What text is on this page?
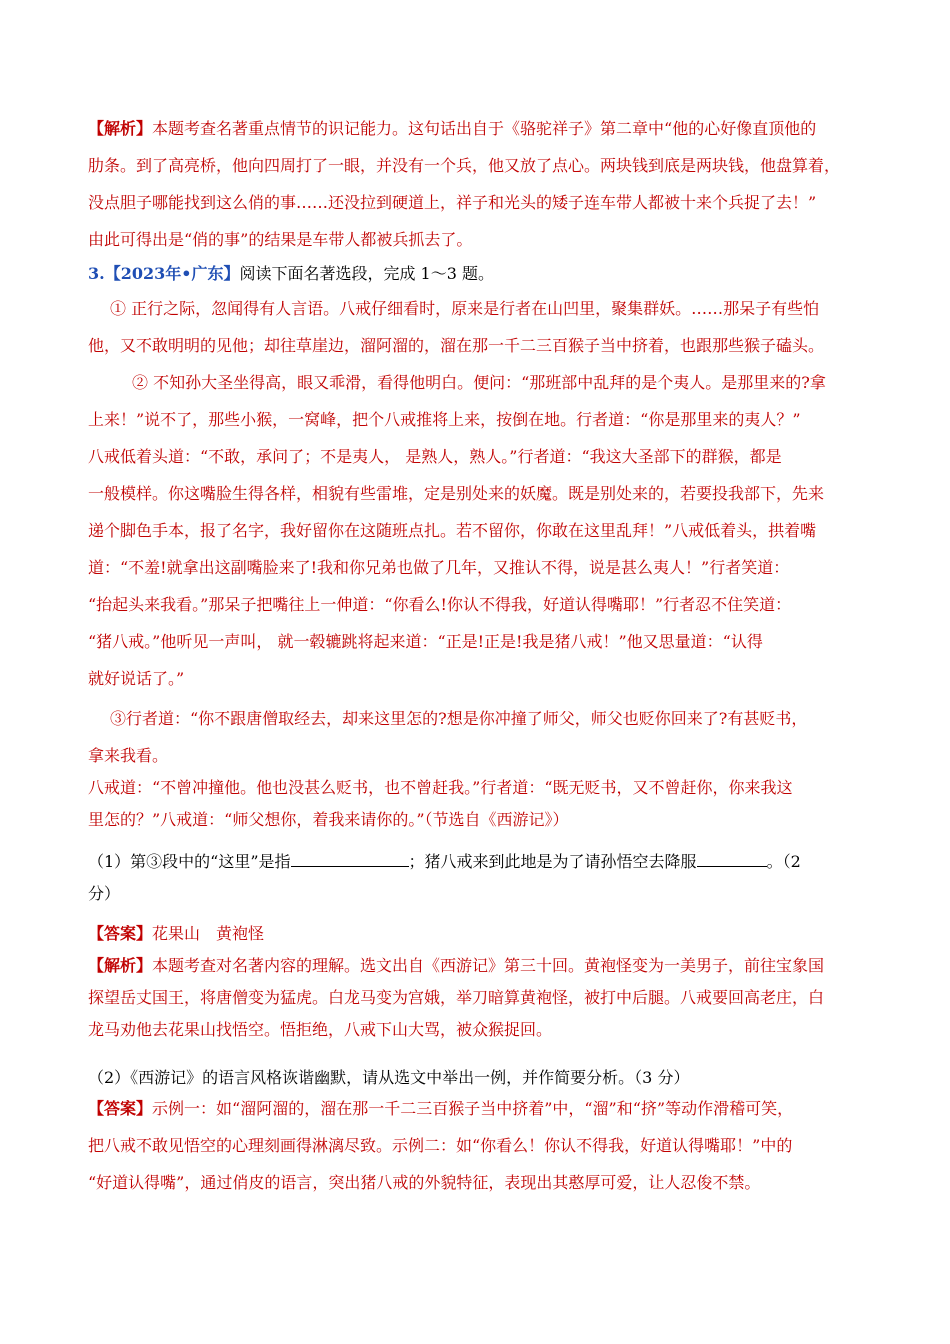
【解析】本题考查名著重点情节的识记能力。这句话出自于《骆驼祥子》第二章中“他的心好像直顶他的

肋条。到了高亮桥，他向四周打了一眼，并没有一个兵，他又放了点心。两块钱到底是两块钱，他盘算着，

没点胆子哪能找到这么俏的事……还没拉到硬道上，祥子和光头的矮子连车带人都被十来个兵捉了去！”

由此可得出是“俏的事”的结果是车带人都被兵抓去了。

3.【2023年•广东】阅读下面名著选段，完成 1～3 题。

① 正行之际，忽闻得有人言语。八戒仔细看时，原来是行者在山凹里，聚集群妖。……那呆子有些怕

他，又不敢明明的见他；却往草崖边，溜阿溜的，溜在那一千二三百猴子当中挤着，也跟那些猴子磕头。

② 不知孙大圣坐得高，眼又乖滑，看得他明白。便问：“那班部中乱拜的是个夷人。是那里来的?拿

上来！”说不了，那些小猴，一窝峰，把个八戒推将上来，按倒在地。行者道：“你是那里来的夷人？”

八戒低着头道：“不敢，承问了；不是夷人， 是熟人，熟人。”行者道：“我这大圣部下的群猴，都是

一般模样。你这嘴脸生得各样，相貌有些雷堆，定是别处来的妖魔。既是别处来的，若要投我部下，先来

递个脚色手本，报了名字，我好留你在这随班点扎。若不留你，你敢在这里乱拜！”八戒低着头，拱着嘴

道：“不羞!就拿出这副嘴脸来了!我和你兄弟也做了几年，又推认不得，说是甚么夷人！”行者笑道：

“抬起头来我看。”那呆子把嘴往上一伸道：“你看么!你认不得我，好道认得嘴耶！”行者忍不住笑道：

“猪八戒。”他听见一声叫， 就一毂辘跳将起来道：“正是!正是!我是猪八戒！”他又思量道：“认得

就好说话了。”

③行者道：“你不跟唐僧取经去，却来这里怎的?想是你冲撞了师父，师父也贬你回来了?有甚贬书，

拿来我看。

八戒道：“不曾冲撞他。他也没甚么贬书，也不曾赶我。”行者道：“既无贬书，又不曾赶你，你来我这

里怎的？”八戒道：“师父想你，着我来请你的。”（节选自《西游记》）

（1）第③段中的“这里”是指	；猪八戒来到此地是为了请孙悟空去降服	。（2

分）

【答案】花果山　黄袍怪

【解析】本题考查对名著内容的理解。选文出自《西游记》第三十回。黄袍怪变为一美男子，前往宝象国

探望岳丈国王，将唐僧变为猛虎。白龙马变为宫娥，举刀暗算黄袍怪，被打中后腿。八戒要回高老庄，白

龙马劝他去花果山找悟空。悟拒绝，八戒下山大骂，被众猴捉回。

（2）《西游记》的语言风格诙谐幽默，请从选文中举出一例，并作简要分析。（3 分）

【答案】示例一：如“溜阿溜的，溜在那一千二三百猴子当中挤着”中，“溜”和“挤”等动作滑稽可笑，

把八戒不敢见悟空的心理刻画得淋漓尽致。示例二：如“你看么！你认不得我，好道认得嘴耶！”中的

“好道认得嘴”，通过俏皮的语言，突出猪八戒的外貌特征，表现出其憨厚可爱，让人忍俊不禁。
